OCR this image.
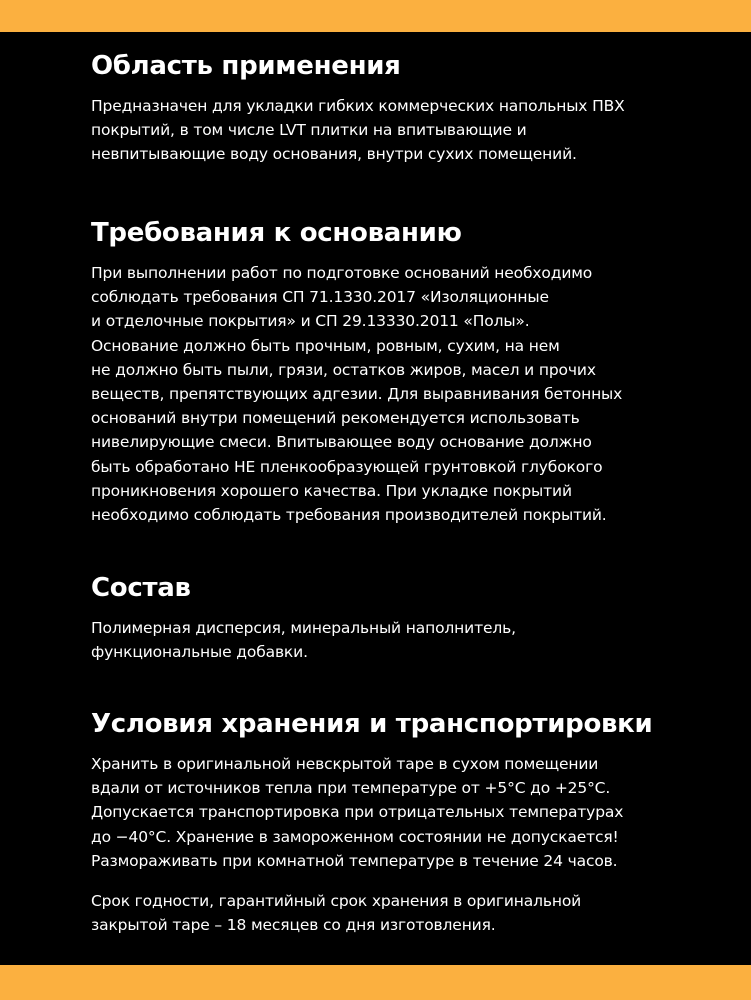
Область применения

Предназначен для укладки гибких коммерческих напольных ПВХ
покрытий, в том числе LVT плитки на впитывающие и
невпитывающие воду основания, внутри сухих помещений.

Требования к основанию

При выполнении работ по подготовке оснований необходимо
соблюдать требования СП 71.1330.2017 «Изоляционные
и отделочные покрытия» и СП 29.13330.2011 «Полы».
Основание должно быть прочным, ровным, сухим, на нем
не должно быть пыли, грязи, остатков жиров, масел и прочих
веществ, препятствующих адгезии. Для выравнивания бетонных
оснований внутри помещений рекомендуется использовать
нивелирующие смеси. Впитывающее воду основание должно
быть обработано НЕ пленкообразующей грунтовкой глубокого
проникновения хорошего качества. При укладке покрытий
необходимо соблюдать требования производителей покрытий.

Состав

Полимерная дисперсия, минеральный наполнитель,
функциональные добавки.

Условия хранения и транспортировки

Хранить в оригинальной невскрытой таре в сухом помещении
вдали от источников тепла при температуре от +5°C до +25°C.
Допускается транспортировка при отрицательных температурах
до −40°C. Хранение в замороженном состоянии не допускается!
Размораживать при комнатной температуре в течение 24 часов.

Срок годности, гарантийный срок хранения в оригинальной
закрытой таре – 18 месяцев со дня изготовления.
